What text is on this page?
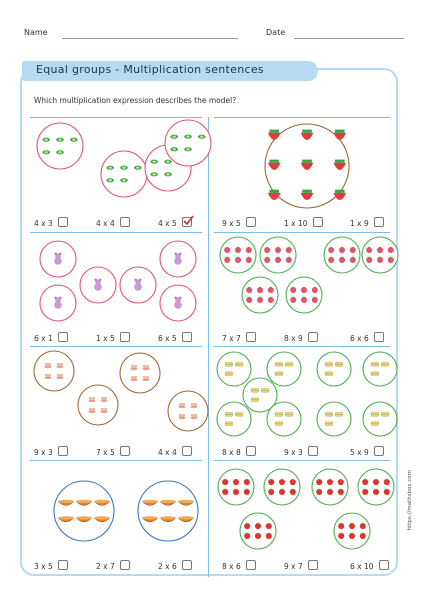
Name	Date
Equal groups - Multiplication sentences
Which multiplication expression describes the model?
4 x 3	4 x 4	4 x 5	9 x 5	1 x 10	1 x 9
6 x 1	1 x 5	6 x 5	7 x 7	8 x 9	6 x 6
9 x 3	7 x 5	4 x 4	8 x 8	9 x 3	5 x 9
3 x 5	2 x 7	2 x 6	8 x 6	9 x 7	6 x 10
https://mathsbox.com
